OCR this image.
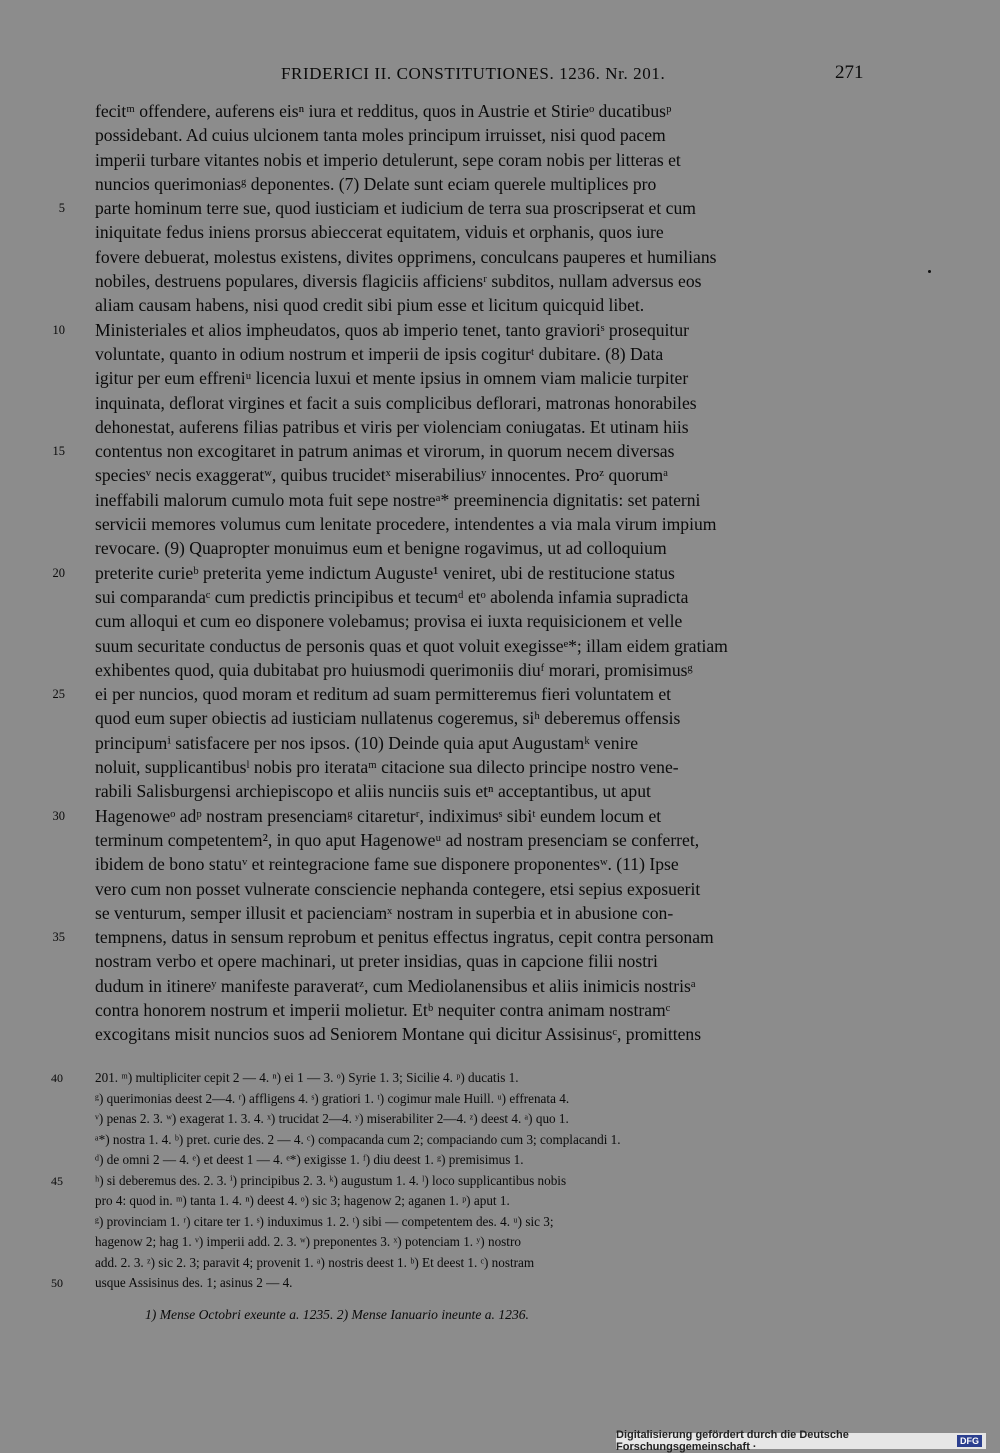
FRIDERICI II. CONSTITUTIONES. 1236. Nr. 201.	271
fecitᵐ offendere, auferens eisⁿ iura et redditus, quos in Austrie et Stirieᵒ ducatibusᵖ
possidebant. Ad cuius ulcionem tanta moles principum irruisset, nisi quod pacem
imperii turbare vitantes nobis et imperio detulerunt, sepe coram nobis per litteras et
nuncios querimoniasᵍ deponentes. (7) Delate sunt eciam querele multiplices pro
5 parte hominum terre sue, quod iusticiam et iudicium de terra sua proscripserat et cum
iniquitate fedus iniens prorsus abieccerat equitatem, viduis et orphanis, quos iure
fovere debuerat, molestus existens, divites opprimens, conculcans pauperes et humilians
nobiles, destruens populares, diversis flagiciis afficiensʳ subditos, nullam adversus eos
aliam causam habens, nisi quod credit sibi pium esse et licitum quicquid libet.
10 Ministeriales et alios impheudatos, quos ab imperio tenet, tanto gravioriˢ prosequitur
voluntate, quanto in odium nostrum et imperii de ipsis cogiturᵗ dubitare. (8) Data
igitur per eum effreniᵘ licencia luxui et mente ipsius in omnem viam malicie turpiter
inquinata, deflorat virgines et facit a suis complicibus deflorari, matronas honorabiles
dehonestat, auferens filias patribus et viris per violenciam coniugatas. Et utinam hiis
15 contentus non excogitaret in patrum animas et virorum, in quorum necem diversas
speciesᵛ necis exaggeratʷ, quibus trucidetˣ miserabiliusʸ innocentes. Proᶻ quorumᵃ
ineffabili malorum cumulo mota fuit sepe nostreᵃ* preeminencia dignitatis: set paterni
servicii memores volumus cum lenitate procedere, intendentes a via mala virum impium
revocare. (9) Quapropter monuimus eum et benigne rogavimus, ut ad colloquium
20 preterite curieᵇ preterita yeme indictum Auguste¹ veniret, ubi de restitucione status
sui comparandaᶜ cum predictis principibus et tecumᵈ etᵒ abolenda infamia supradicta
cum alloqui et cum eo disponere volebamus; provisa ei iuxta requisicionem et velle
suum securitate conductus de personis quas et quot voluit exegisseᵉ*; illam eidem gratiam
exhibentes quod, quia dubitabat pro huiusmodi querimoniis diuᶠ morari, promisimusᵍ
25 ei per nuncios, quod moram et reditum ad suam permitteremus fieri voluntatem et
quod eum super obiectis ad iusticiam nullatenus cogeremus, siʰ deberemus offensis
principumⁱ satisfacere per nos ipsos. (10) Deinde quia aput Augustamᵏ venire
noluit, supplicantibusˡ nobis pro iterataᵐ citacione sua dilecto principe nostro vene-
rabili Salisburgensi archiepiscopo et aliis nunciis suis etⁿ acceptantibus, ut aput
30 Hagenoweᵒ adᵖ nostram presenciamᵍ citareturʳ, indiximusˢ sibiᵗ eundem locum et
terminum competentem², in quo aput Hagenoweᵘ ad nostram presenciam se conferret,
ibidem de bono statuᵛ et reintegracione fame sue disponere proponentesʷ. (11) Ipse
vero cum non posset vulnerate consciencie nephanda contegere, etsi sepius exposuerit
se venturum, semper illusit et pacienciamˣ nostram in superbia et in abusione con-
35 tempnens, datus in sensum reprobum et penitus effectus ingratus, cepit contra personam
nostram verbo et opere machinari, ut preter insidias, quas in capcione filii nostri
dudum in itinereʸ manifeste paraveratᶻ, cum Mediolanensibus et aliis inimicis nostrisᵃ
contra honorem nostrum et imperii molietur. Etᵇ nequiter contra animam nostramᶜ
excogitans misit nuncios suos ad Seniorem Montane qui dicitur Assisinusᶜ, promittens
40 201. ᵐ) multipliciter cepit 2 — 4. ⁿ) ei 1 — 3. ᵒ) Syrie 1. 3; Sicilie 4. ᵖ) ducatis 1.
ᵍ) querimonias deest 2—4. ʳ) affligens 4. ˢ) gratiori 1. ᵗ) cogimur male Huill. ᵘ) effrenata 4.
ᵛ) penas 2. 3. ʷ) exagerat 1. 3. 4. ˣ) trucidat 2—4. ʸ) miserabiliter 2—4. ᶻ) deest 4. ᵃ) quo 1.
ᵃ*) nostra 1. 4. ᵇ) pret. curie des. 2 — 4. ᶜ) compacanda cum 2; compaciando cum 3; complacandi 1.
ᵈ) de omni 2 — 4. ᵉ) et deest 1 — 4. ᵉ*) exigisse 1. ᶠ) diu deest 1. ᵍ) premisimus 1.
45 ʰ) si deberemus des. 2. 3. ⁱ) principibus 2. 3. ᵏ) augustum 1. 4. ˡ) loco supplicantibus nobis
pro 4: quod in. ᵐ) tanta 1. 4. ⁿ) deest 4. ᵒ) sic 3; hagenow 2; aganen 1. ᵖ) aput 1.
ᵍ) provinciam 1. ʳ) citare ter 1. ˢ) induximus 1. 2. ᵗ) sibi — competentem des. 4. ᵘ) sic 3;
hagenow 2; hag 1. ᵛ) imperii add. 2. 3. ʷ) preponentes 3. ˣ) potenciam 1. ʸ) nostro
add. 2. 3. ᶻ) sic 2. 3; paravit 4; provenit 1. ᵃ) nostris deest 1. ᵇ) Et deest 1. ᶜ) nostram
50 usque Assisinus des. 1; asinus 2 — 4.
1) Mense Octobri exeunte a. 1235. 2) Mense Ianuario ineunte a. 1236.
Digitalisierung gefördert durch die Deutsche Forschungsgemeinschaft ·	DFG
